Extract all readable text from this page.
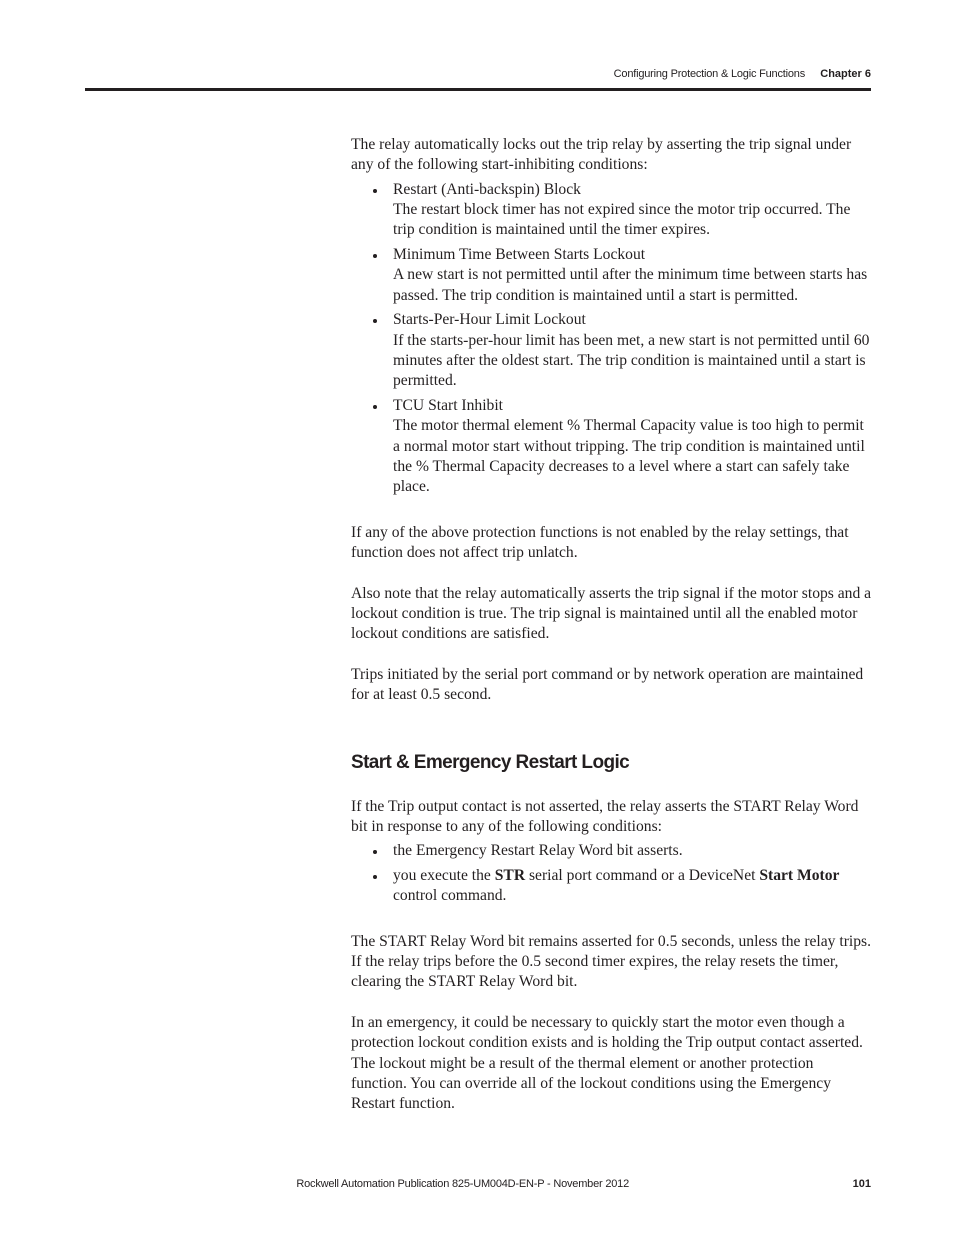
Configuring Protection & Logic Functions Chapter 6

The relay automatically locks out the trip relay by asserting the trip signal under any of the following start-inhibiting conditions:

Restart (Anti-backspin) Block
The restart block timer has not expired since the motor trip occurred. The trip condition is maintained until the timer expires.
Minimum Time Between Starts Lockout
A new start is not permitted until after the minimum time between starts has passed. The trip condition is maintained until a start is permitted.
Starts-Per-Hour Limit Lockout
If the starts-per-hour limit has been met, a new start is not permitted until 60 minutes after the oldest start. The trip condition is maintained until a start is permitted.
TCU Start Inhibit
The motor thermal element % Thermal Capacity value is too high to permit a normal motor start without tripping. The trip condition is maintained until the % Thermal Capacity decreases to a level where a start can safely take place.

If any of the above protection functions is not enabled by the relay settings, that function does not affect trip unlatch.

Also note that the relay automatically asserts the trip signal if the motor stops and a lockout condition is true. The trip signal is maintained until all the enabled motor lockout conditions are satisfied.

Trips initiated by the serial port command or by network operation are maintained for at least 0.5 second.

Start & Emergency Restart Logic

If the Trip output contact is not asserted, the relay asserts the START Relay Word bit in response to any of the following conditions:

the Emergency Restart Relay Word bit asserts.
you execute the STR serial port command or a DeviceNet Start Motor control command.

The START Relay Word bit remains asserted for 0.5 seconds, unless the relay trips. If the relay trips before the 0.5 second timer expires, the relay resets the timer, clearing the START Relay Word bit.

In an emergency, it could be necessary to quickly start the motor even though a protection lockout condition exists and is holding the Trip output contact asserted. The lockout might be a result of the thermal element or another protection function. You can override all of the lockout conditions using the Emergency Restart function.

Rockwell Automation Publication 825-UM004D-EN-P - November 2012	101
